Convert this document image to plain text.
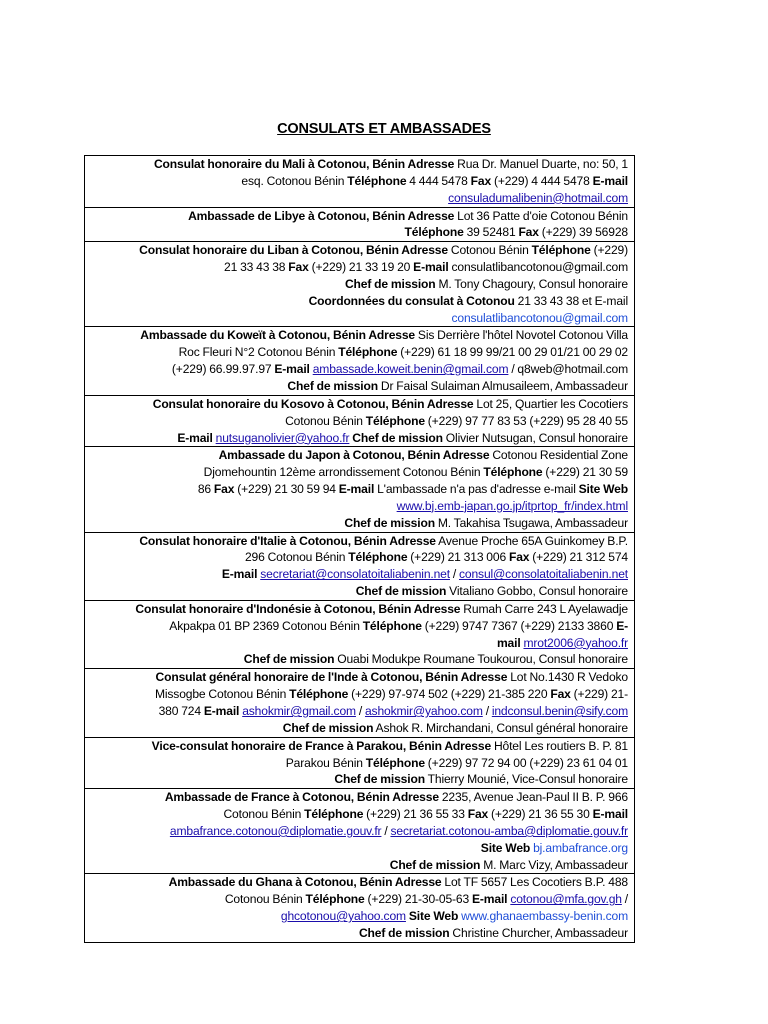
CONSULATS ET AMBASSADES
Consulat honoraire du Mali à Cotonou, Bénin Adresse Rua Dr. Manuel Duarte, no: 50, 1
esq. Cotonou Bénin Téléphone 4 444 5478 Fax (+229) 4 444 5478 E-mail
consuladumalibenin@hotmail.com
Ambassade de Libye à Cotonou, Bénin Adresse Lot 36 Patte d'oie Cotonou Bénin
Téléphone 39 52481 Fax (+229) 39 56928
Consulat honoraire du Liban à Cotonou, Bénin Adresse Cotonou Bénin Téléphone (+229)
21 33 43 38 Fax (+229) 21 33 19 20 E-mail consulatlibancotonou@gmail.com
Chef de mission M. Tony Chagoury, Consul honoraire
Coordonnées du consulat à Cotonou 21 33 43 38 et E-mail
consulatlibancotonou@gmail.com
Ambassade du Koweït à Cotonou, Bénin Adresse Sis Derrière l'hôtel Novotel Cotonou Villa
Roc Fleuri N°2 Cotonou Bénin Téléphone (+229) 61 18 99 99/21 00 29 01/21 00 29 02
(+229) 66.99.97.97 E-mail ambassade.koweit.benin@gmail.com / q8web@hotmail.com
Chef de mission Dr Faisal Sulaiman Almusaileem, Ambassadeur
Consulat honoraire du Kosovo à Cotonou, Bénin Adresse Lot 25, Quartier les Cocotiers
Cotonou Bénin Téléphone (+229) 97 77 83 53 (+229) 95 28 40 55
E-mail nutsuganolivier@yahoo.fr Chef de mission Olivier Nutsugan, Consul honoraire
Ambassade du Japon à Cotonou, Bénin Adresse Cotonou Residential Zone
Djomehountin 12ème arrondissement Cotonou Bénin Téléphone (+229) 21 30 59
86 Fax (+229) 21 30 59 94 E-mail L'ambassade n'a pas d'adresse e-mail Site Web
www.bj.emb-japan.go.jp/itprtop_fr/index.html
Chef de mission M. Takahisa Tsugawa, Ambassadeur
Consulat honoraire d'Italie à Cotonou, Bénin Adresse Avenue Proche 65A Guinkomey B.P.
296 Cotonou Bénin Téléphone (+229) 21 313 006 Fax (+229) 21 312 574
E-mail secretariat@consolatoitaliabenin.net / consul@consolatoitaliabenin.net
Chef de mission Vitaliano Gobbo, Consul honoraire
Consulat honoraire d'Indonésie à Cotonou, Bénin Adresse Rumah Carre 243 L Ayelawadje
Akpakpa 01 BP 2369 Cotonou Bénin Téléphone (+229) 9747 7367 (+229) 2133 3860 E-
mail mrot2006@yahoo.fr
Chef de mission Ouabi Modukpe Roumane Toukourou, Consul honoraire
Consulat général honoraire de l'Inde à Cotonou, Bénin Adresse Lot No.1430 R Vedoko
Missogbe Cotonou Bénin Téléphone (+229) 97-974 502 (+229) 21-385 220 Fax (+229) 21-
380 724 E-mail ashokmir@gmail.com / ashokmir@yahoo.com / indconsul.benin@sify.com
Chef de mission Ashok R. Mirchandani, Consul général honoraire
Vice-consulat honoraire de France à Parakou, Bénin Adresse Hôtel Les routiers B. P. 81
Parakou Bénin Téléphone (+229) 97 72 94 00 (+229) 23 61 04 01
Chef de mission Thierry Mounié, Vice-Consul honoraire
Ambassade de France à Cotonou, Bénin Adresse 2235, Avenue Jean-Paul II B. P. 966
Cotonou Bénin Téléphone (+229) 21 36 55 33 Fax (+229) 21 36 55 30 E-mail
ambafrance.cotonou@diplomatie.gouv.fr / secretariat.cotonou-amba@diplomatie.gouv.fr
Site Web bj.ambafrance.org
Chef de mission M. Marc Vizy, Ambassadeur
Ambassade du Ghana à Cotonou, Bénin Adresse Lot TF 5657 Les Cocotiers B.P. 488
Cotonou Bénin Téléphone (+229) 21-30-05-63 E-mail cotonou@mfa.gov.gh /
ghcotonou@yahoo.com Site Web www.ghanaembassy-benin.com
Chef de mission Christine Churcher, Ambassadeur
